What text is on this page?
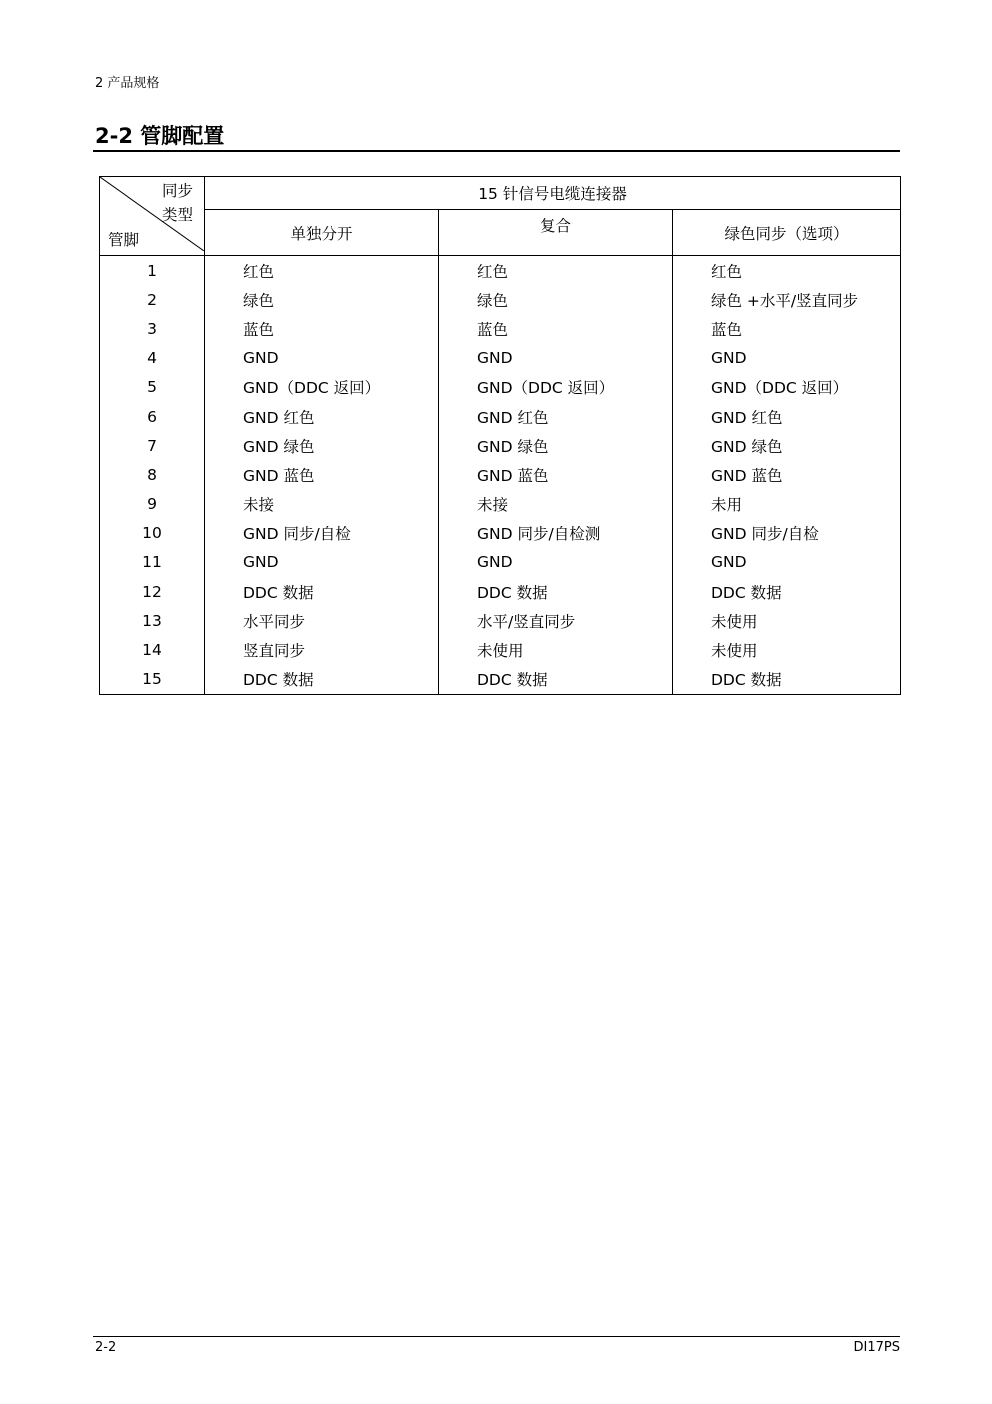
2 产品规格
2-2 管脚配置
同步
类型
管脚	15 针信号电缆连接器		
	单独分开	复合	绿色同步（选项）
1	红色	红色	红色
2	绿色	绿色	绿色 +水平/竖直同步
3	蓝色	蓝色	蓝色
4	GND	GND	GND
5	GND（DDC 返回）	GND（DDC 返回）	GND（DDC 返回）
6	GND 红色	GND 红色	GND 红色
7	GND 绿色	GND 绿色	GND 绿色
8	GND 蓝色	GND 蓝色	GND 蓝色
9	未接	未接	未用
10	GND 同步/自检	GND 同步/自检测	GND 同步/自检
11	GND	GND	GND
12	DDC 数据	DDC 数据	DDC 数据
13	水平同步	水平/竖直同步	未使用
14	竖直同步	未使用	未使用
15	DDC 数据	DDC 数据	DDC 数据
2-2	DI17PS
